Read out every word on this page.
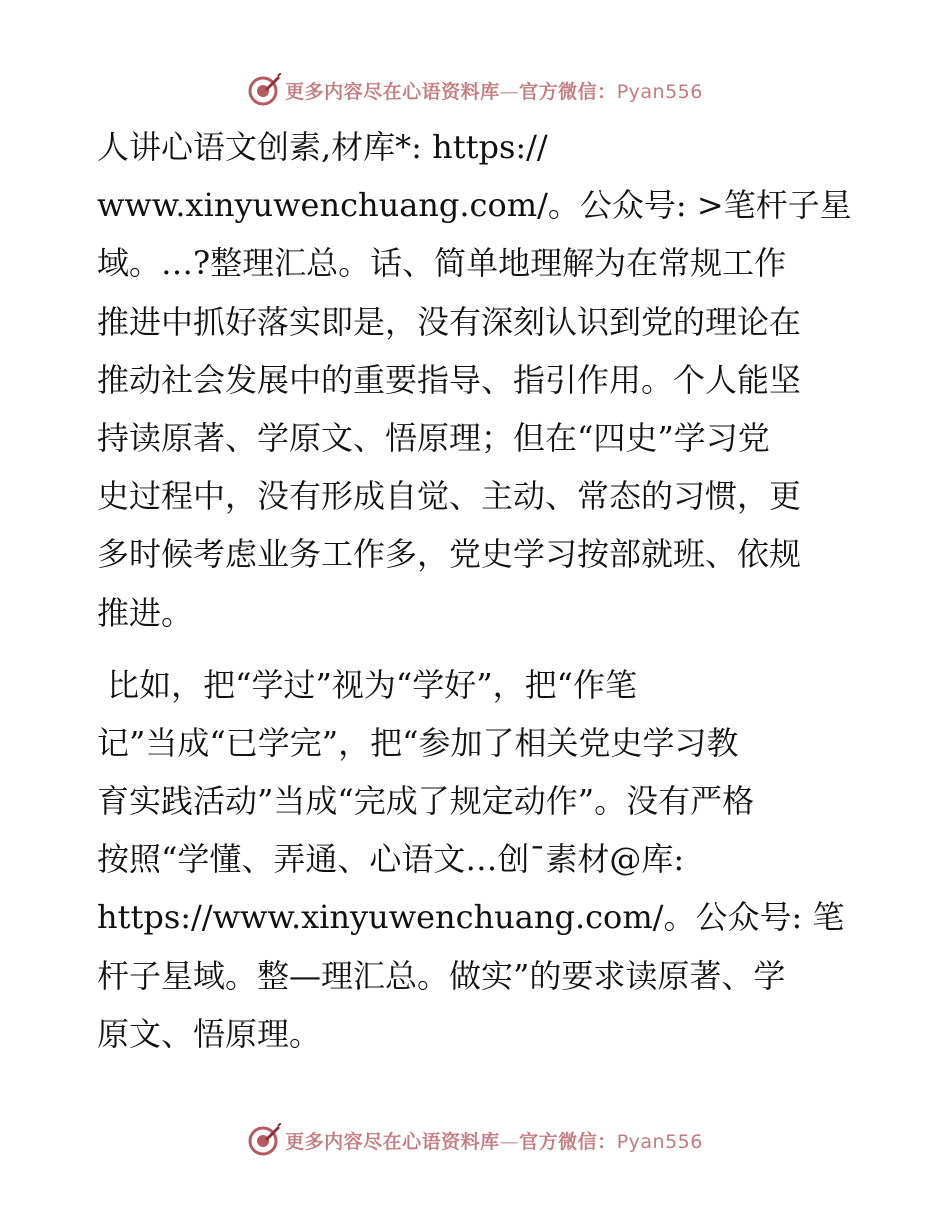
更多内容尽在心语资料库—官方微信：Pyan556
人讲心语文创素,材库*: https://
www.xinyuwenchuang.com/。公众号: >笔杆子星
域。…?整理汇总。话、简单地理解为在常规工作
推进中抓好落实即是，没有深刻认识到党的理论在
推动社会发展中的重要指导、指引作用。个人能坚
持读原著、学原文、悟原理；但在“四史”学习党
史过程中，没有形成自觉、主动、常态的习惯，更
多时候考虑业务工作多，党史学习按部就班、依规
推进。
比如，把“学过”视为“学好”，把“作笔
记”当成“已学完”，把“参加了相关党史学习教
育实践活动”当成“完成了规定动作”。没有严格
按照“学懂、弄通、心语文…创¯素材@库:
https://www.xinyuwenchuang.com/。公众号: 笔
杆子星域。整—理汇总。做实”的要求读原著、学
原文、悟原理。
更多内容尽在心语资料库—官方微信：Pyan556
